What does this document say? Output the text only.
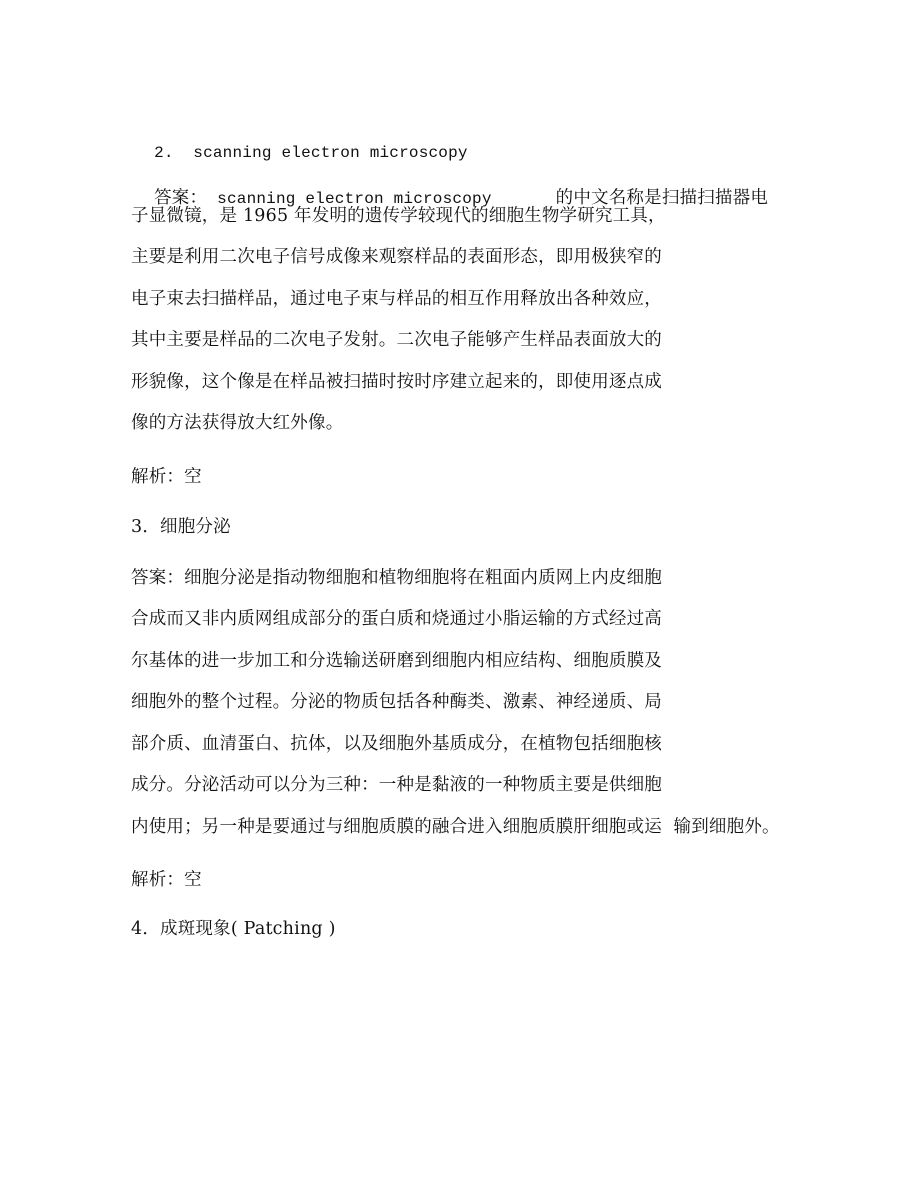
2.  scanning electron microscopy

答案： scanning electron microscopy	的中文名称是扫描扫描器电

子显微镜，是 1965 年发明的遗传学较现代的细胞生物学研究工具，
主要是利用二次电子信号成像来观察样品的表面形态，即用极狭窄的
电子束去扫描样品，通过电子束与样品的相互作用释放出各种效应，
其中主要是样品的二次电子发射。二次电子能够产生样品表面放大的
形貌像，这个像是在样品被扫描时按时序建立起来的，即使用逐点成
像的方法获得放大红外像。
解析：空
3．细胞分泌
答案：细胞分泌是指动物细胞和植物细胞将在粗面内质网上内皮细胞
合成而又非内质网组成部分的蛋白质和烧通过小脂运输的方式经过高
尔基体的进一步加工和分选输送研磨到细胞内相应结构、细胞质膜及
细胞外的整个过程。分泌的物质包括各种酶类、激素、神经递质、局
部介质、血清蛋白、抗体，以及细胞外基质成分，在植物包括细胞核
成分。分泌活动可以分为三种：一种是黏液的一种物质主要是供细胞
内使用；另一种是要通过与细胞质膜的融合进入细胞质膜肝细胞或运  输到细胞外。
解析：空
4．成斑现象( Patching )
